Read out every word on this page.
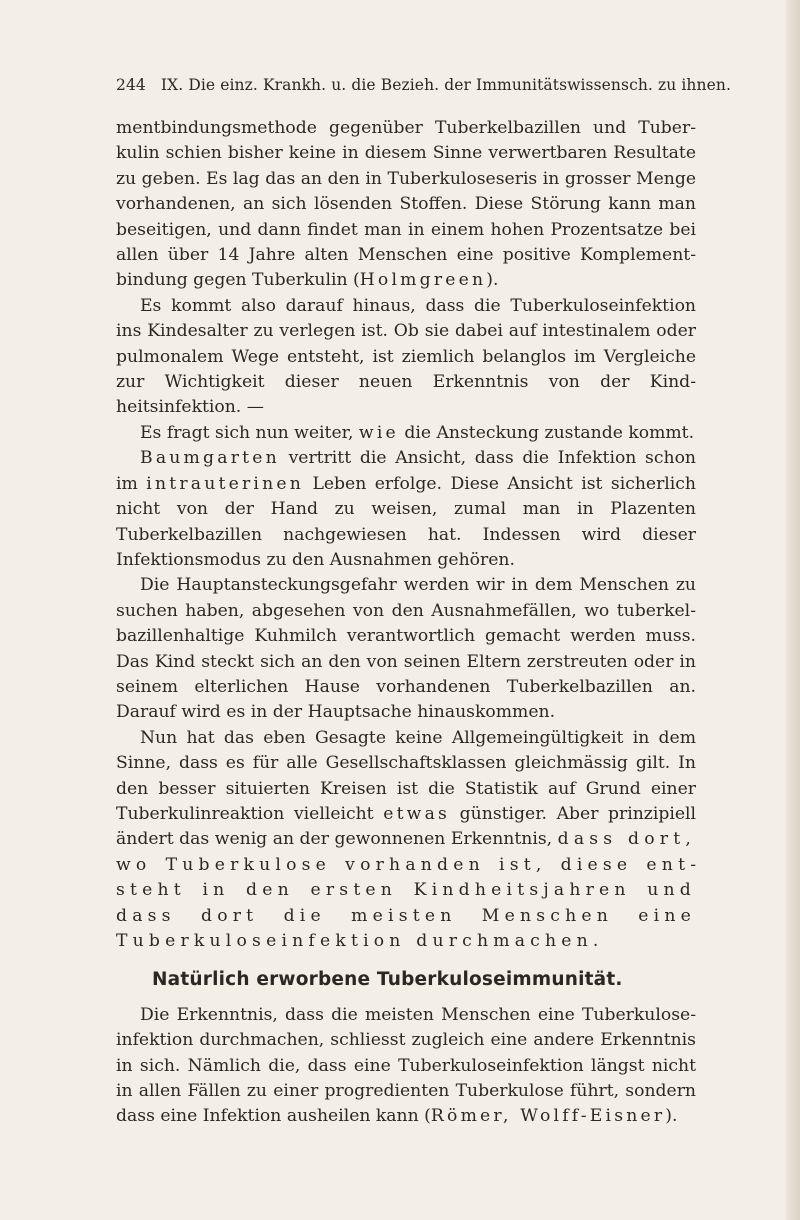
244 IX. Die einz. Krankh. u. die Bezieh. der Immunitätswissensch. zu ihnen.

mentbindungsmethode gegenüber Tuberkelbazillen und Tuberkulin schien bisher keine in diesem Sinne verwertbaren Resultate zu geben. Es lag das an den in Tuberkuloseseris in grosser Menge vorhandenen, an sich lösenden Stoffen. Diese Störung kann man beseitigen, und dann findet man in einem hohen Prozentsatze bei allen über 14 Jahre alten Menschen eine positive Komplementbindung gegen Tuberkulin (Holmgreen).

Es kommt also darauf hinaus, dass die Tuberkuloseinfektion ins Kindesalter zu verlegen ist. Ob sie dabei auf intestinalem oder pulmonalem Wege entsteht, ist ziemlich belanglos im Vergleiche zur Wichtigkeit dieser neuen Erkenntnis von der Kindheitsinfektion. —

Es fragt sich nun weiter, wie die Ansteckung zustande kommt.

Baumgarten vertritt die Ansicht, dass die Infektion schon im intrauterinen Leben erfolge. Diese Ansicht ist sicherlich nicht von der Hand zu weisen, zumal man in Plazenten Tuberkelbazillen nachgewiesen hat. Indessen wird dieser Infektionsmodus zu den Ausnahmen gehören.

Die Hauptansteckungsgefahr werden wir in dem Menschen zu suchen haben, abgesehen von den Ausnahmefällen, wo tuberkelbazillenhaltige Kuhmilch verantwortlich gemacht werden muss. Das Kind steckt sich an den von seinen Eltern zerstreuten oder in seinem elterlichen Hause vorhandenen Tuberkelbazillen an. Darauf wird es in der Hauptsache hinauskommen.

Nun hat das eben Gesagte keine Allgemeingültigkeit in dem Sinne, dass es für alle Gesellschaftsklassen gleichmässig gilt. In den besser situierten Kreisen ist die Statistik auf Grund einer Tuberkulinreaktion vielleicht etwas günstiger. Aber prinzipiell ändert das wenig an der gewonnenen Erkenntnis, dass dort, wo Tuberkulose vorhanden ist, diese entsteht in den ersten Kindheitsjahren und dass dort die meisten Menschen eine Tuberkuloseinfektion durchmachen.

Natürlich erworbene Tuberkuloseimmunität.

Die Erkenntnis, dass die meisten Menschen eine Tuberkuloseinfektion durchmachen, schliesst zugleich eine andere Erkenntnis in sich. Nämlich die, dass eine Tuberkuloseinfektion längst nicht in allen Fällen zu einer progredienten Tuberkulose führt, sondern dass eine Infektion ausheilen kann (Römer, Wolff-Eisner).
